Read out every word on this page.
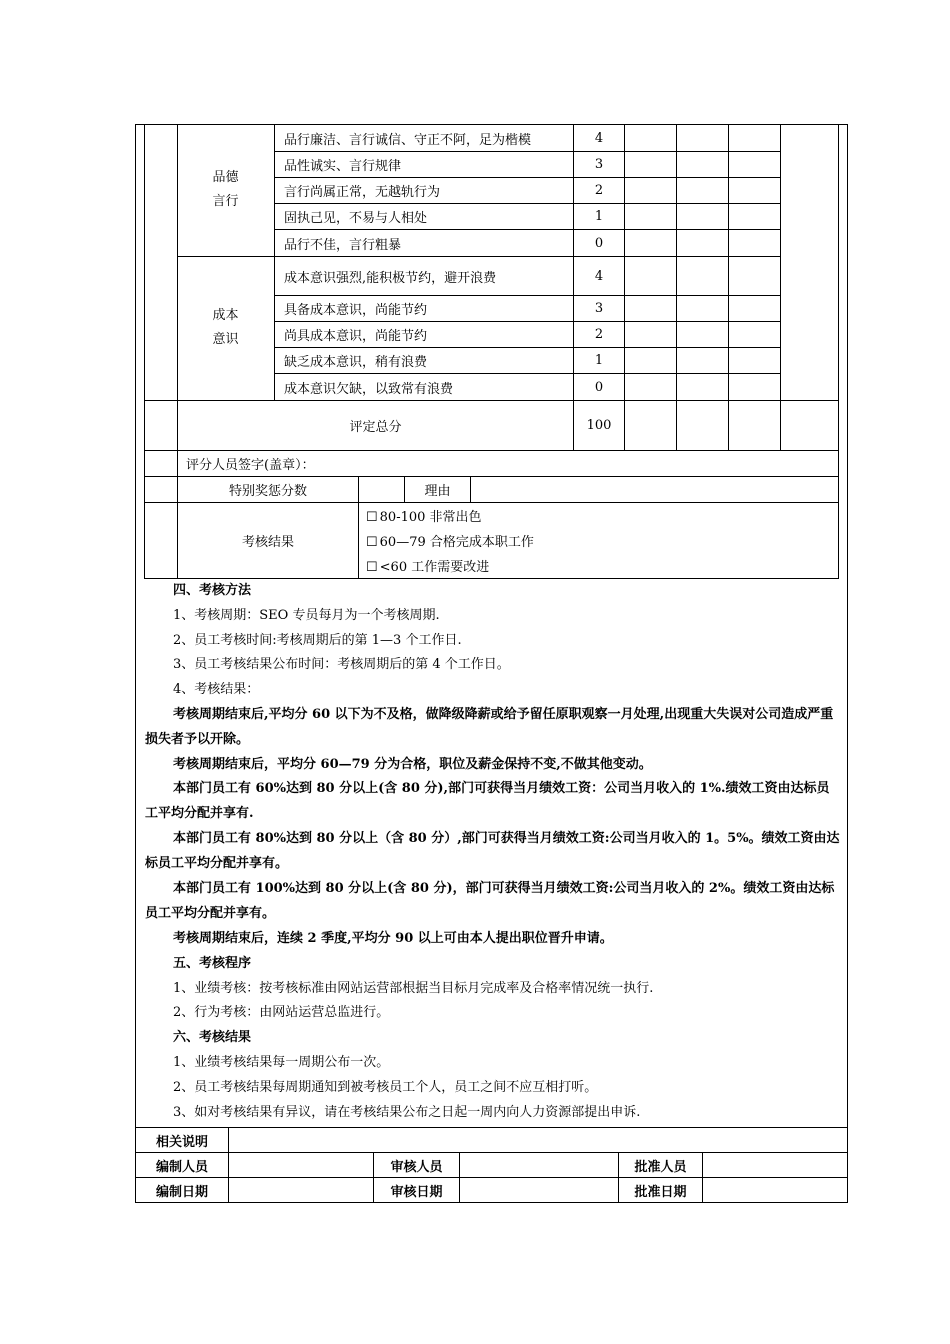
品德
言行
品行廉洁、言行诚信、守正不阿，足为楷模	4
品性诚实、言行规律	3
言行尚属正常，无越轨行为	2
固执己见，不易与人相处	1
品行不佳，言行粗暴	0
成本
意识
成本意识强烈,能积极节约，避开浪费	4
具备成本意识，尚能节约	3
尚具成本意识，尚能节约	2
缺乏成本意识，稍有浪费	1
成本意识欠缺，以致常有浪费	0
评定总分	100
评分人员签字(盖章）：
特别奖惩分数	理由
考核结果
☐ 80-100 非常出色
☐ 60—79 合格完成本职工作
☐ <60 工作需要改进
四、考核方法
1、考核周期：SEO 专员每月为一个考核周期.
2、员工考核时间:考核周期后的第 1—3 个工作日.
3、员工考核结果公布时间：考核周期后的第 4 个工作日。
4、考核结果：
考核周期结束后,平均分 60 以下为不及格，做降级降薪或给予留任原职观察一月处理,出现重大失误对公司造成严重损失者予以开除。
考核周期结束后，平均分 60—79 分为合格，职位及薪金保持不变,不做其他变动。
本部门员工有 60%达到 80 分以上(含 80 分),部门可获得当月绩效工资：公司当月收入的 1%.绩效工资由达标员工平均分配并享有.
本部门员工有 80%达到 80 分以上（含 80 分）,部门可获得当月绩效工资:公司当月收入的 1。5%。绩效工资由达标员工平均分配并享有。
本部门员工有 100%达到 80 分以上(含 80 分)，部门可获得当月绩效工资:公司当月收入的 2%。绩效工资由达标员工平均分配并享有。
考核周期结束后，连续 2 季度,平均分 90 以上可由本人提出职位晋升申请。
五、考核程序
1、业绩考核：按考核标准由网站运营部根据当目标月完成率及合格率情况统一执行.
2、行为考核：由网站运营总监进行。
六、考核结果
1、业绩考核结果每一周期公布一次。
2、员工考核结果每周期通知到被考核员工个人，员工之间不应互相打听。
3、如对考核结果有异议，请在考核结果公布之日起一周内向人力资源部提出申诉.
相关说明
编制人员	审核人员	批准人员
编制日期	审核日期	批准日期
